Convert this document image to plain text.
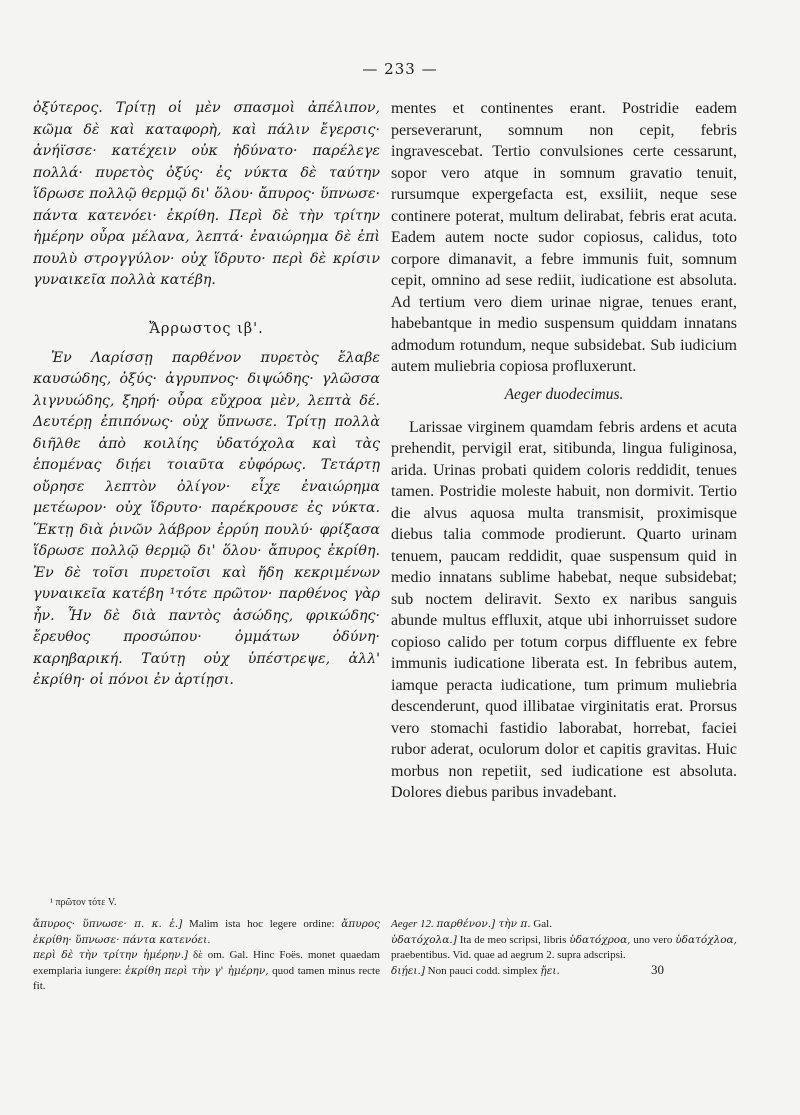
— 233 —

ὀξύτερος. Τρίτῃ οἱ μὲν σπασμοὶ ἀπέλιπον, κῶμα δὲ καὶ καταφορὴ, καὶ πάλιν ἔγερσις· ἀνήϊσσε· κατέχειν οὐκ ἠδύνατο· παρέλεγε πολλά· πυρετὸς ὀξύς· ἐς νύκτα δὲ ταύτην ἵδρωσε πολλῷ θερμῷ δι' ὅλου· ἄπυρος· ὕπνωσε· πάντα κατενόει· ἐκρίθη. Περὶ δὲ τὴν τρίτην ἡμέρην οὖρα μέλανα, λεπτά· ἐναιώρημα δὲ ἐπὶ πουλὺ στρογγύλον· οὐχ ἵδρυτο· περὶ δὲ κρίσιν γυναικεῖα πολλὰ κατέβη.

Ἄρρωστος ιβ'.

Ἐν Λαρίσσῃ παρθένον πυρετὸς ἔλαβε καυσώδης, ὀξύς· ἀγρυπνος· διψώδης· γλῶσσα λιγνυώδης, ξηρή· οὖρα εὔχροα μὲν, λεπτὰ δέ. Δευτέρῃ ἐπιπόνως· οὐχ ὕπνωσε. Τρίτῃ πολλὰ διῆλθε ἀπὸ κοιλίης ὑδατόχολα καὶ τὰς ἑπομένας διῄει τοιαῦτα εὐφόρως. Τετάρτῃ οὔρησε λεπτὸν ὀλίγον· εἶχε ἐναιώρημα μετέωρον· οὐχ ἵδρυτο· παρέκρουσε ἐς νύκτα. Ἕκτῃ διὰ ῥινῶν λάβρον ἐρρύη πουλύ· φρίξασα ἵδρωσε πολλῷ θερμῷ δι' ὅλου· ἄπυρος ἐκρίθη. Ἐν δὲ τοῖσι πυρετοῖσι καὶ ἤδη κεκριμένων γυναικεῖα κατέβη ¹τότε πρῶτον· παρθένος γὰρ ἦν. Ἦν δὲ διὰ παντὸς ἀσώδης, φρικώδης· ἔρευθος προσώπου· ὀμμάτων ὀδύνη· καρηβαρική. Ταύτῃ οὐχ ὑπέστρεψε, ἀλλ' ἐκρίθη· οἱ πόνοι ἐν ἀρτίῃσι.

mentes et continentes erant. Postridie eadem perseverarunt, somnum non cepit, febris ingravescebat. Tertio convulsiones certe cessarunt, sopor vero atque in somnum gravatio tenuit, rursumque expergefacta est, exsiliit, neque sese continere poterat, multum delirabat, febris erat acuta. Eadem autem nocte sudor copiosus, calidus, toto corpore dimanavit, a febre immunis fuit, somnum cepit, omnino ad sese rediit, iudicatione est absoluta. Ad tertium vero diem urinae nigrae, tenues erant, habebantque in medio suspensum quiddam innatans admodum rotundum, neque subsidebat. Sub iudicium autem muliebria copiosa profluxerunt.

Aeger duodecimus.

Larissae virginem quamdam febris ardens et acuta prehendit, pervigil erat, sitibunda, lingua fuliginosa, arida. Urinas probati quidem coloris reddidit, tenues tamen. Postridie moleste habuit, non dormivit. Tertio die alvus aquosa multa transmisit, proximisque diebus talia commode prodierunt. Quarto urinam tenuem, paucam reddidit, quae suspensum quid in medio innatans sublime habebat, neque subsidebat; sub noctem deliravit. Sexto ex naribus sanguis abunde multus effluxit, atque ubi inhorruisset sudore copioso calido per totum corpus diffluente ex febre immunis iudicatione liberata est. In febribus autem, iamque peracta iudicatione, tum primum muliebria descenderunt, quod illibatae virginitatis erat. Prorsus vero stomachi fastidio laborabat, horrebat, faciei rubor aderat, oculorum dolor et capitis gravitas. Huic morbus non repetiit, sed iudicatione est absoluta. Dolores diebus paribus invadebant.

¹ πρῶτον τότε V.

ἄπυρος· ὕπνωσε· π. κ. ἐ.] Malim ista hoc legere ordine: ἄπυρος ἐκρίθη· ὕπνωσε· πάντα κατενόει.

περὶ δὲ τὴν τρίτην ἡμέρην.] δὲ om. Gal. Hinc Foës. monet quaedam exemplaria iungere: ἐκρίθη περὶ τὴν γ' ἡμέρην, quod tamen minus recte fit.

Aeger 12. παρθένον.] τὴν π. Gal.

ὑδατόχολα.] Ita de meo scripsi, libris ὑδατόχροα, uno vero ὑδατόχλοα, praebentibus. Vid. quae ad aegrum 2. supra adscripsi.

διῄει.] Non pauci codd. simplex ᾔει.	30
